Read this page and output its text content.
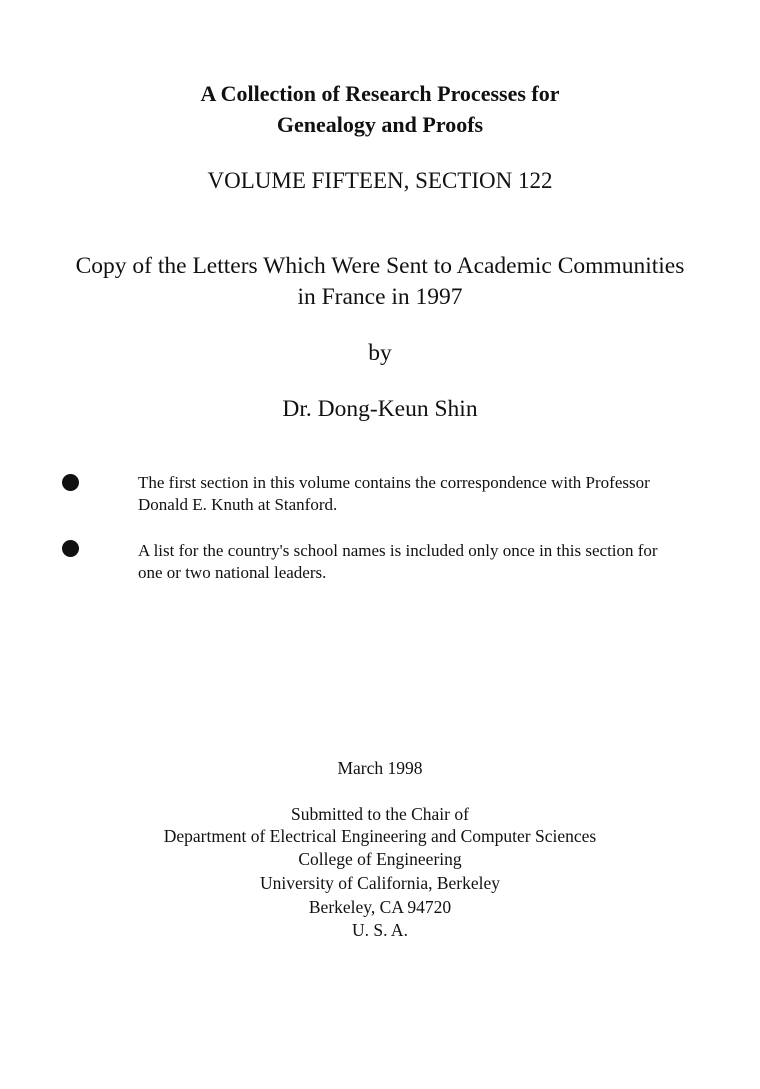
A Collection of Research Processes for
Genealogy and Proofs
VOLUME FIFTEEN, SECTION 122
Copy of the Letters Which Were Sent to Academic Communities
in France in 1997
by
Dr. Dong-Keun Shin
The first section in this volume contains the correspondence with Professor
Donald E. Knuth at Stanford.
A list for the country's school names is included only once in this section for
one or two national leaders.
March 1998
Submitted to the Chair of
Department of Electrical Engineering and Computer Sciences
College of Engineering
University of California, Berkeley
Berkeley, CA 94720
U. S. A.
